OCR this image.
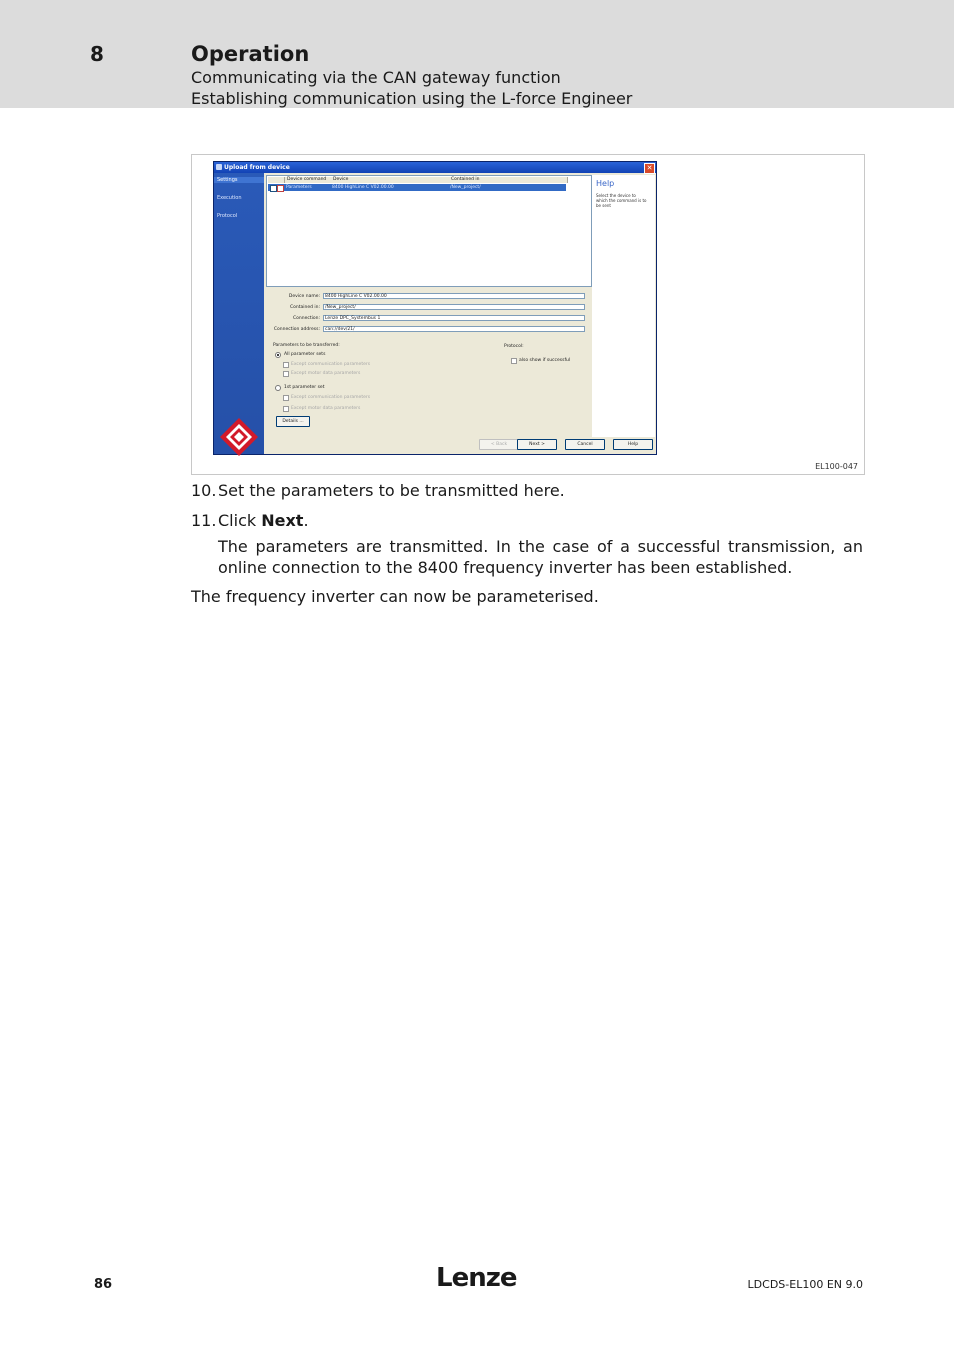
8	Operation
Communicating via the CAN gateway function
Establishing communication using the L-force Engineer
Upload from device	✕
Settings
Execution
Protocol
Device command	Device	Contained in
Parameters	8400 HighLine C V02.00.00	/New_project/	Help
Select the device to which the command is to be sent
Device name:	8400 HighLine C V02.00.00
Contained in:	/New_project/
Connection:	Lenze DPC_Systembus 1
Connection address:	can://dev/21/
Parameters to be transferred:
All parameter sets
Except communication parameters
Except motor data parameters
1st parameter set
Except communication parameters
Except motor data parameters
Details ...
Protocol:
also show if successful
< Back	Next >	Cancel	Help
EL100-047
10. Set the parameters to be transmitted here.
11. Click Next.
The parameters are transmitted. In the case of a successful transmission, an online connection to the 8400 frequency inverter has been established.
The frequency inverter can now be parameterised.
86	Lenze	LDCDS-EL100 EN 9.0
